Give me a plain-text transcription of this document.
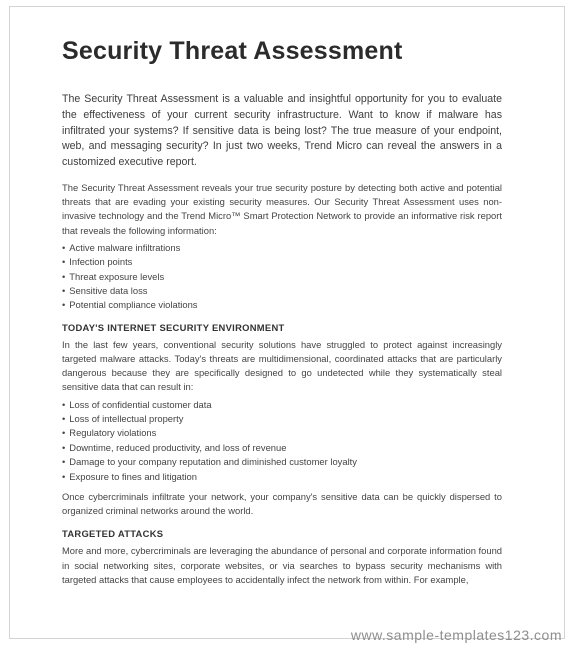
Security Threat Assessment

The Security Threat Assessment is a valuable and insightful opportunity for you to evaluate the effectiveness of your current security infrastructure. Want to know if malware has infiltrated your systems? If sensitive data is being lost? The true measure of your endpoint, web, and messaging security? In just two weeks, Trend Micro can reveal the answers in a customized executive report.

The Security Threat Assessment reveals your true security posture by detecting both active and potential threats that are evading your existing security measures. Our Security Threat Assessment uses non-invasive technology and the Trend Micro™ Smart Protection Network to provide an informative risk report that reveals the following information:

• Active malware infiltrations
• Infection points
• Threat exposure levels
• Sensitive data loss
• Potential compliance violations
TODAY'S INTERNET SECURITY ENVIRONMENT

In the last few years, conventional security solutions have struggled to protect against increasingly targeted malware attacks. Today's threats are multidimensional, coordinated attacks that are particularly dangerous because they are specifically designed to go undetected while they systematically steal sensitive data that can result in:

• Loss of confidential customer data
• Loss of intellectual property
• Regulatory violations
• Downtime, reduced productivity, and loss of revenue
• Damage to your company reputation and diminished customer loyalty
• Exposure to fines and litigation

Once cybercriminals infiltrate your network, your company's sensitive data can be quickly dispersed to organized criminal networks around the world.

TARGETED ATTACKS

More and more, cybercriminals are leveraging the abundance of personal and corporate information found in social networking sites, corporate websites, or via searches to bypass security mechanisms with targeted attacks that cause employees to accidentally infect the network from within. For example,

www.sample-templates123.com
